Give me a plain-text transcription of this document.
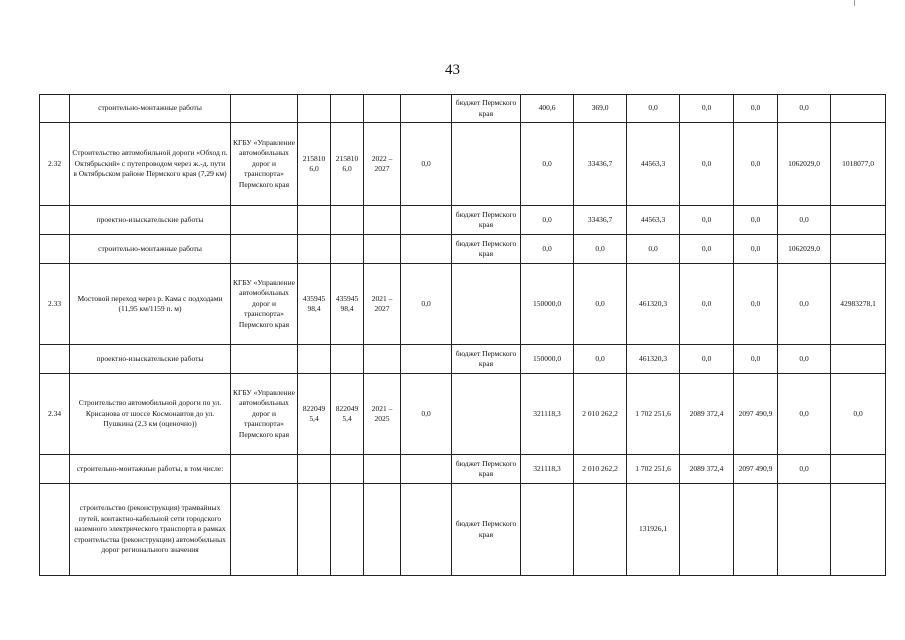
43
	строительно-монтажные работы						бюджет Пермского края	400,6	369,0	0,0	0,0	0,0	0,0	
2.32	Строительство автомобильной дороги «Обход п. Октябрьский» с путепроводом через ж.-д. пути в Октябрьском районе Пермского края (7,29 км)	КГБУ «Управление автомобильных дорог и транспорта» Пермского края	215810 6,0	215810 6,0	2022 – 2027	0,0		0,0	33436,7	44563,3	0,0	0,0	1062029,0	1018077,0
	проектно-изыскательские работы						бюджет Пермского края	0,0	33436,7	44563,3	0,0	0,0	0,0	
	строительно-монтажные работы						бюджет Пермского края	0,0	0,0	0,0	0,0	0,0	1062029,0	
2.33	Мостовой переход через р. Кама с подходами (11,95 км/1159 п. м)	КГБУ «Управление автомобильных дорог и транспорта» Пермского края	435945 98,4	435945 98,4	2021 – 2027	0,0		150000,0	0,0	461320,3	0,0	0,0	0,0	42983278,1
	проектно-изыскательские работы						бюджет Пермского края	150000,0	0,0	461320,3	0,0	0,0	0,0	
2.34	Строительство автомобильной дороги по ул. Крисанова от шоссе Космонавтов до ул. Пушкина (2,3 км (оценочно))	КГБУ «Управление автомобильных дорог и транспорта» Пермского края	822049 5,4	822049 5,4	2021 – 2025	0,0		321118,3	2 010 262,2	1 702 251,6	2089 372,4	2097 490,9	0,0	0,0
	строительно-монтажные работы, в том числе:						бюджет Пермского края	321118,3	2 010 262,2	1 702 251,6	2089 372,4	2097 490,9	0,0	
	строительство (реконструкция) трамвайных путей, контактно-кабельной сети городского наземного электрического транспорта в рамках строительства (реконструкции) автомобильных дорог регионального значения						бюджет Пермского края			131926,1				
